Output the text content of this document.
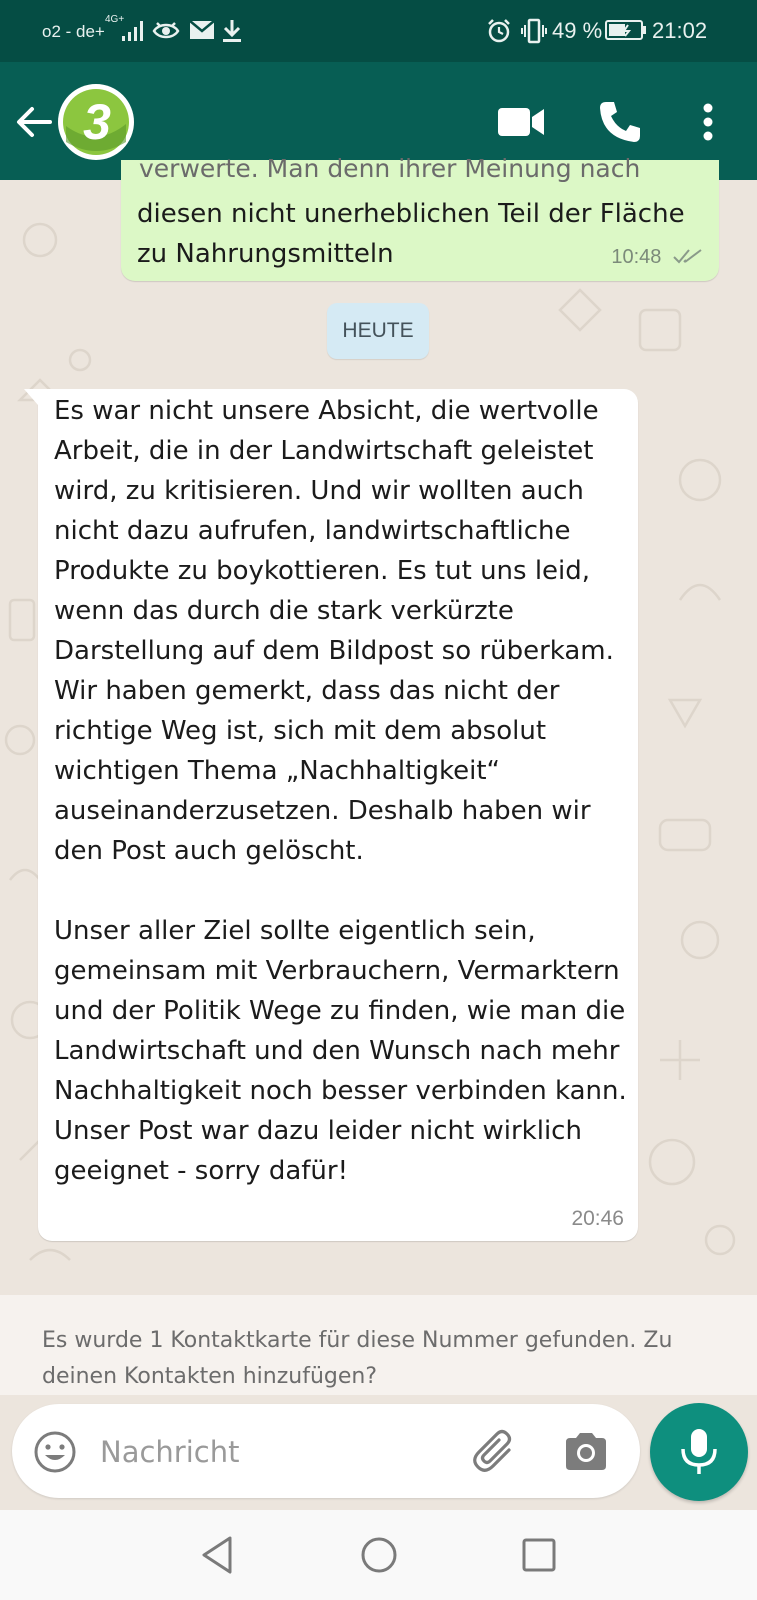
o2 - de+
4G+	49 % 21:02
3
verwerte. Man denn ihrer Meinung nach
diesen nicht unerheblichen Teil der Fläche zu Nahrungsmitteln	10:48
HEUTE

Es war nicht unsere Absicht, die wertvolle Arbeit, die in der Landwirtschaft geleistet wird, zu kritisieren. Und wir wollten auch nicht dazu aufrufen, landwirtschaftliche Produkte zu boykottieren. Es tut uns leid, wenn das durch die stark verkürzte Darstellung auf dem Bildpost so rüberkam. Wir haben gemerkt, dass das nicht der richtige Weg ist, sich mit dem absolut wichtigen Thema „Nachhaltigkeit“ auseinanderzusetzen. Deshalb haben wir den Post auch gelöscht.

Unser aller Ziel sollte eigentlich sein, gemeinsam mit Verbrauchern, Vermarktern und der Politik Wege zu finden, wie man die Landwirtschaft und den Wunsch nach mehr Nachhaltigkeit noch besser verbinden kann. Unser Post war dazu leider nicht wirklich geeignet - sorry dafür!

20:46
Es wurde 1 Kontaktkarte für diese Nummer gefunden. Zu deinen Kontakten hinzufügen?
Nachricht
